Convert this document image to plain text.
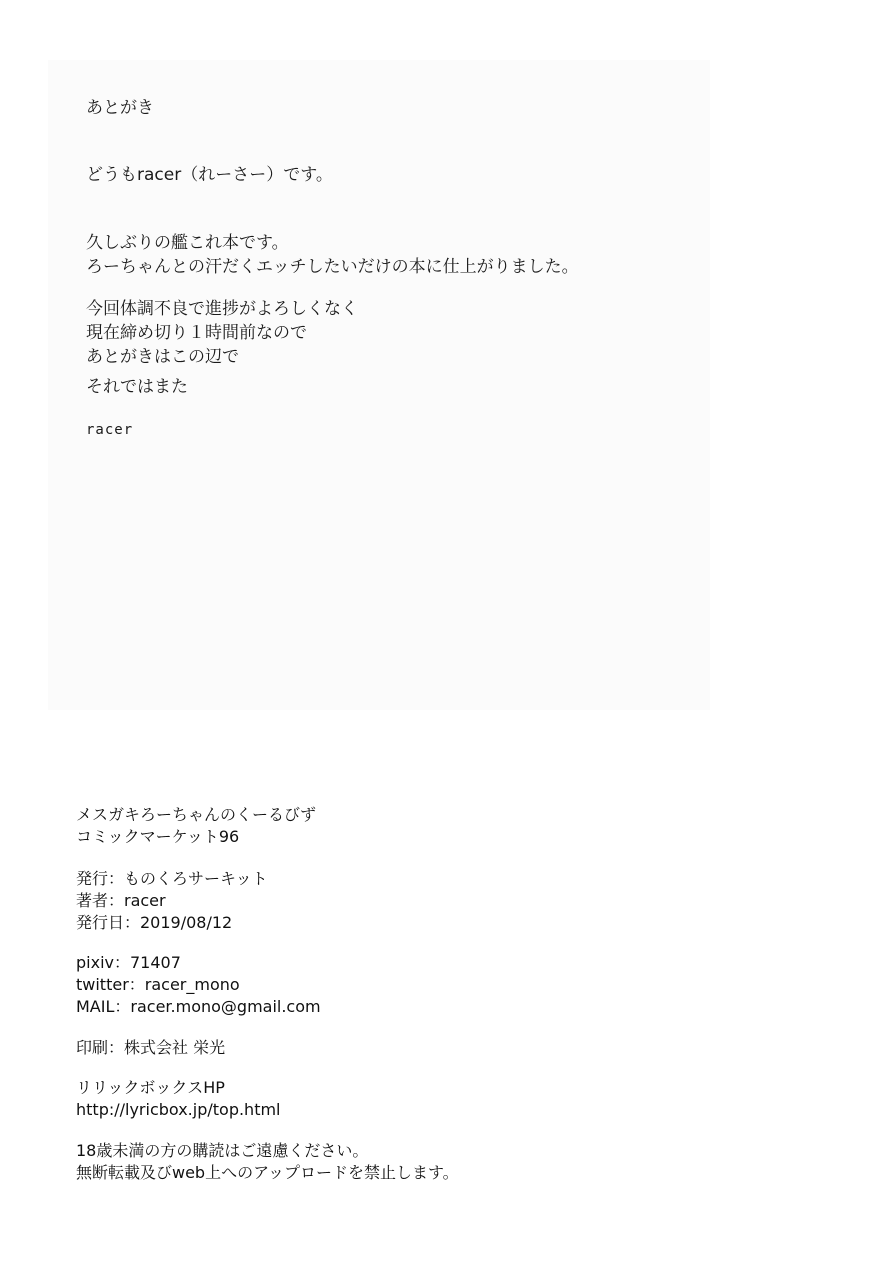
あとがき
どうもracer（れーさー）です。
久しぶりの艦これ本です。
ろーちゃんとの汗だくエッチしたいだけの本に仕上がりました。
今回体調不良で進捗がよろしくなく
現在締め切り１時間前なので
あとがきはこの辺で
それではまた
racer
メスガキろーちゃんのくーるびず
コミックマーケット96
発行：ものくろサーキット
著者：racer
発行日：2019/08/12
pixiv：71407
twitter：racer_mono
MAIL：racer.mono@gmail.com
印刷：株式会社 栄光
リリックボックスHP
http://lyricbox.jp/top.html
18歳未満の方の購読はご遠慮ください。
無断転載及びweb上へのアップロードを禁止します。
